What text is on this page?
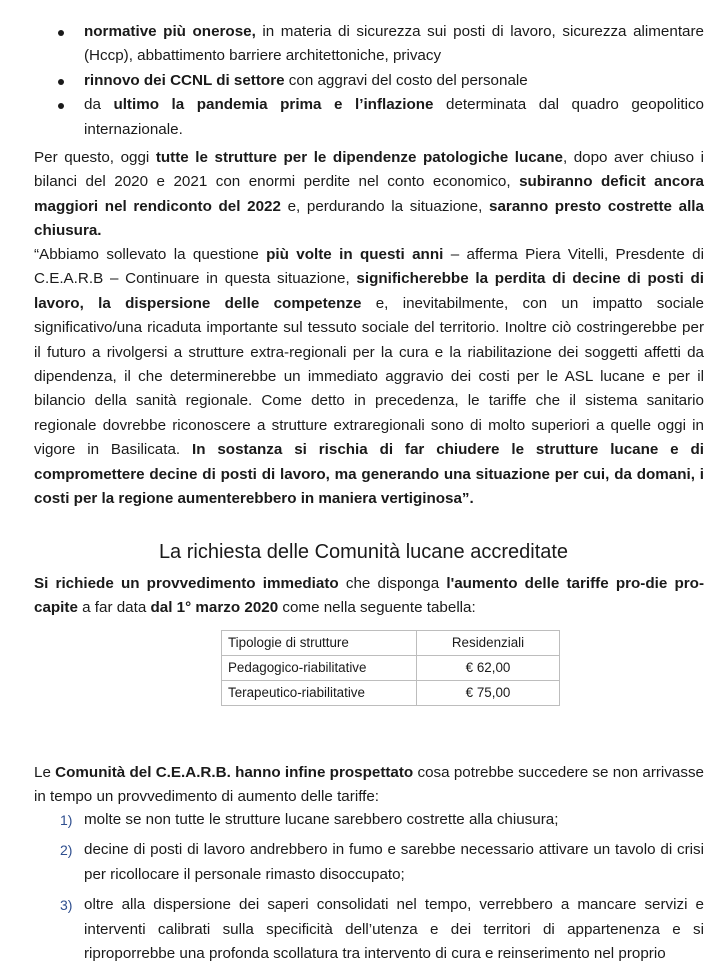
normative più onerose, in materia di sicurezza sui posti di lavoro, sicurezza alimentare (Hccp), abbattimento barriere architettoniche, privacy
rinnovo dei CCNL di settore con aggravi del costo del personale
da ultimo la pandemia prima e l’inflazione determinata dal quadro geopolitico internazionale.

Per questo, oggi tutte le strutture per le dipendenze patologiche lucane, dopo aver chiuso i bilanci del 2020 e 2021 con enormi perdite nel conto economico, subiranno deficit ancora maggiori nel rendiconto del 2022 e, perdurando la situazione, saranno presto costrette alla chiusura.

“Abbiamo sollevato la questione più volte in questi anni – afferma Piera Vitelli, Presdente di C.E.A.R.B – Continuare in questa situazione, significherebbe la perdita di decine di posti di lavoro, la dispersione delle competenze e, inevitabilmente, con un impatto sociale significativo/una ricaduta importante sul tessuto sociale del territorio. Inoltre ciò costringerebbe per il futuro a rivolgersi a strutture extra-regionali per la cura e la riabilitazione dei soggetti affetti da dipendenza, il che determinerebbe un immediato aggravio dei costi per le ASL lucane e per il bilancio della sanità regionale. Come detto in precedenza, le tariffe che il sistema sanitario regionale dovrebbe riconoscere a strutture extraregionali sono di molto superiori a quelle oggi in vigore in Basilicata. In sostanza si rischia di far chiudere le strutture lucane e di compromettere decine di posti di lavoro, ma generando una situazione per cui, da domani, i costi per la regione aumenterebbero in maniera vertiginosa”.

La richiesta delle Comunità lucane accreditate

Si richiede un provvedimento immediato che disponga l'aumento delle tariffe pro-die pro-capite a far data dal 1° marzo 2020 come nella seguente tabella:

Tipologie di strutture	Residenziali
Pedagogico-riabilitative	€ 62,00
Terapeutico-riabilitative	€ 75,00

Le Comunità del C.E.A.R.B. hanno infine prospettato cosa potrebbe succedere se non arrivasse in tempo un provvedimento di aumento delle tariffe:

1) molte se non tutte le strutture lucane sarebbero costrette alla chiusura;
2) decine di posti di lavoro andrebbero in fumo e sarebbe necessario attivare un tavolo di crisi per ricollocare il personale rimasto disoccupato;
3) oltre alla dispersione dei saperi consolidati nel tempo, verrebbero a mancare servizi e interventi calibrati sulla specificità dell’utenza e dei territori di appartenenza e si riproporrebbe una profonda scollatura tra intervento di cura e reinserimento nel proprio
